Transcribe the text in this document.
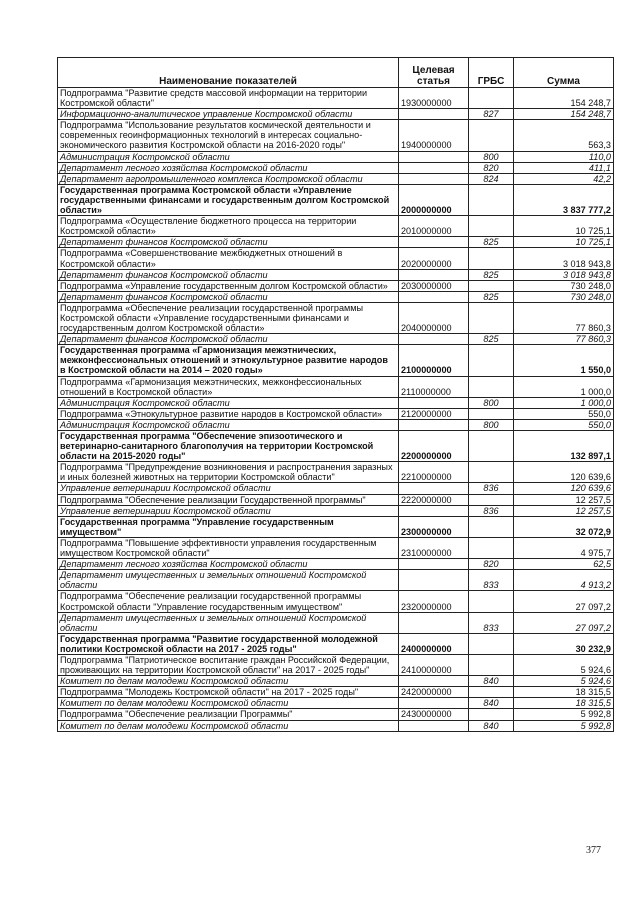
Наименование показателей	Целевая статья	ГРБС	Сумма
Подпрограмма "Развитие средств массовой информации на территории Костромской области"	1930000000		154 248,7
Информационно-аналитическое управление Костромской области		827	154 248,7
Подпрограмма "Использование результатов космической деятельности и современных геоинформационных технологий в интересах социально-экономического развития Костромской области на 2016-2020 годы"	1940000000		563,3
Администрация Костромской области		800	110,0
Департамент лесного хозяйства Костромской области		820	411,1
Департамент агропромышленного комплекса Костромской области		824	42,2
Государственная программа Костромской области «Управление государственными финансами и государственным долгом Костромской области»	2000000000		3 837 777,2
Подпрограмма «Осуществление бюджетного процесса на территории Костромской области»	2010000000		10 725,1
Департамент финансов Костромской области		825	10 725,1
Подпрограмма «Совершенствование межбюджетных отношений в Костромской области»	2020000000		3 018 943,8
Департамент финансов Костромской области		825	3 018 943,8
Подпрограмма «Управление государственным долгом Костромской области»	2030000000		730 248,0
Департамент финансов Костромской области		825	730 248,0
Подпрограмма «Обеспечение реализации государственной программы Костромской области «Управление государственными финансами и государственным долгом Костромской области»	2040000000		77 860,3
Департамент финансов Костромской области		825	77 860,3
Государственная программа «Гармонизация межэтнических, межконфессиональных отношений и этнокультурное развитие народов в Костромской области на 2014 – 2020 годы»	2100000000		1 550,0
Подпрограмма «Гармонизация межэтнических, межконфессиональных отношений в Костромской области»	2110000000		1 000,0
Администрация Костромской области		800	1 000,0
Подпрограмма «Этнокультурное развитие народов в Костромской области»	2120000000		550,0
Администрация Костромской области		800	550,0
Государственная программа "Обеспечение эпизоотического и ветеринарно-санитарного благополучия на территории Костромской области на 2015-2020 годы"	2200000000		132 897,1
Подпрограмма "Предупреждение возникновения и распространения заразных и иных болезней животных на территории Костромской области"	2210000000		120 639,6
Управление ветеринарии Костромской области		836	120 639,6
Подпрограмма "Обеспечение реализации Государственной программы"	2220000000		12 257,5
Управление ветеринарии Костромской области		836	12 257,5
Государственная программа "Управление государственным имуществом"	2300000000		32 072,9
Подпрограмма "Повышение эффективности управления государственным имуществом Костромской области"	2310000000		4 975,7
Департамент лесного хозяйства Костромской области		820	62,5
Департамент имущественных и земельных отношений Костромской области		833	4 913,2
Подпрограмма "Обеспечение реализации государственной программы Костромской области "Управление государственным имуществом"	2320000000		27 097,2
Департамент имущественных и земельных отношений Костромской области		833	27 097,2
Государственная программа "Развитие государственной молодежной политики Костромской области на 2017 - 2025 годы"	2400000000		30 232,9
Подпрограмма "Патриотическое воспитание граждан Российской Федерации, проживающих на территории Костромской области" на 2017 - 2025 годы"	2410000000		5 924,6
Комитет по делам молодежи Костромской области		840	5 924,6
Подпрограмма "Молодежь Костромской области" на 2017 - 2025 годы"	2420000000		18 315,5
Комитет по делам молодежи Костромской области		840	18 315,5
Подпрограмма "Обеспечение реализации Программы"	2430000000		5 992,8
Комитет по делам молодежи Костромской области		840	5 992,8
377
